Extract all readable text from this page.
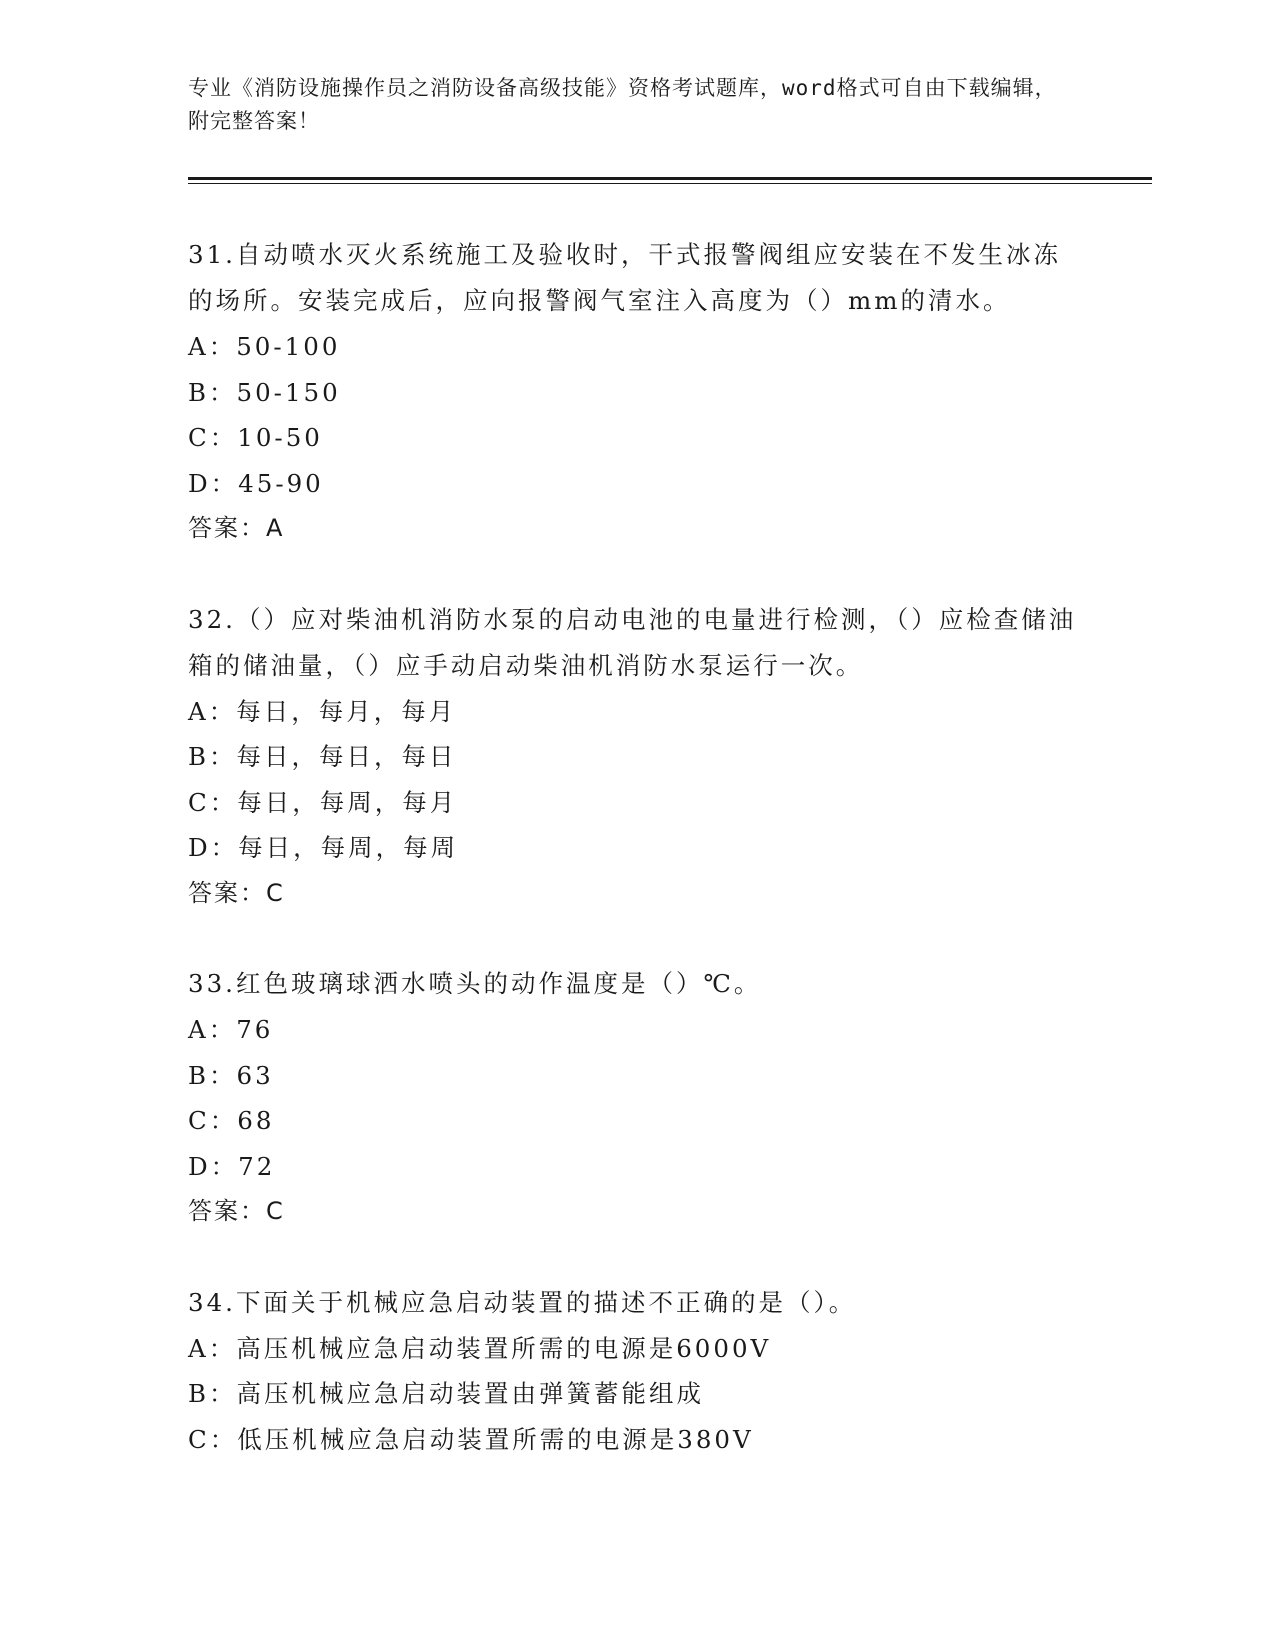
专业《消防设施操作员之消防设备高级技能》资格考试题库，word格式可自由下载编辑，附完整答案！

31.自动喷水灭火系统施工及验收时，干式报警阀组应安装在不发生冰冻的场所。安装完成后，应向报警阀气室注入高度为（）mm的清水。

A：50-100

B：50-150

C：10-50

D：45-90

答案：A

32.（）应对柴油机消防水泵的启动电池的电量进行检测，（）应检查储油箱的储油量，（）应手动启动柴油机消防水泵运行一次。

A：每日，每月，每月

B：每日，每日，每日

C：每日，每周，每月

D：每日，每周，每周

答案：C

33.红色玻璃球洒水喷头的动作温度是（）℃。

A：76

B：63

C：68

D：72

答案：C

34.下面关于机械应急启动装置的描述不正确的是（）。

A：高压机械应急启动装置所需的电源是6000V

B：高压机械应急启动装置由弹簧蓄能组成

C：低压机械应急启动装置所需的电源是380V
